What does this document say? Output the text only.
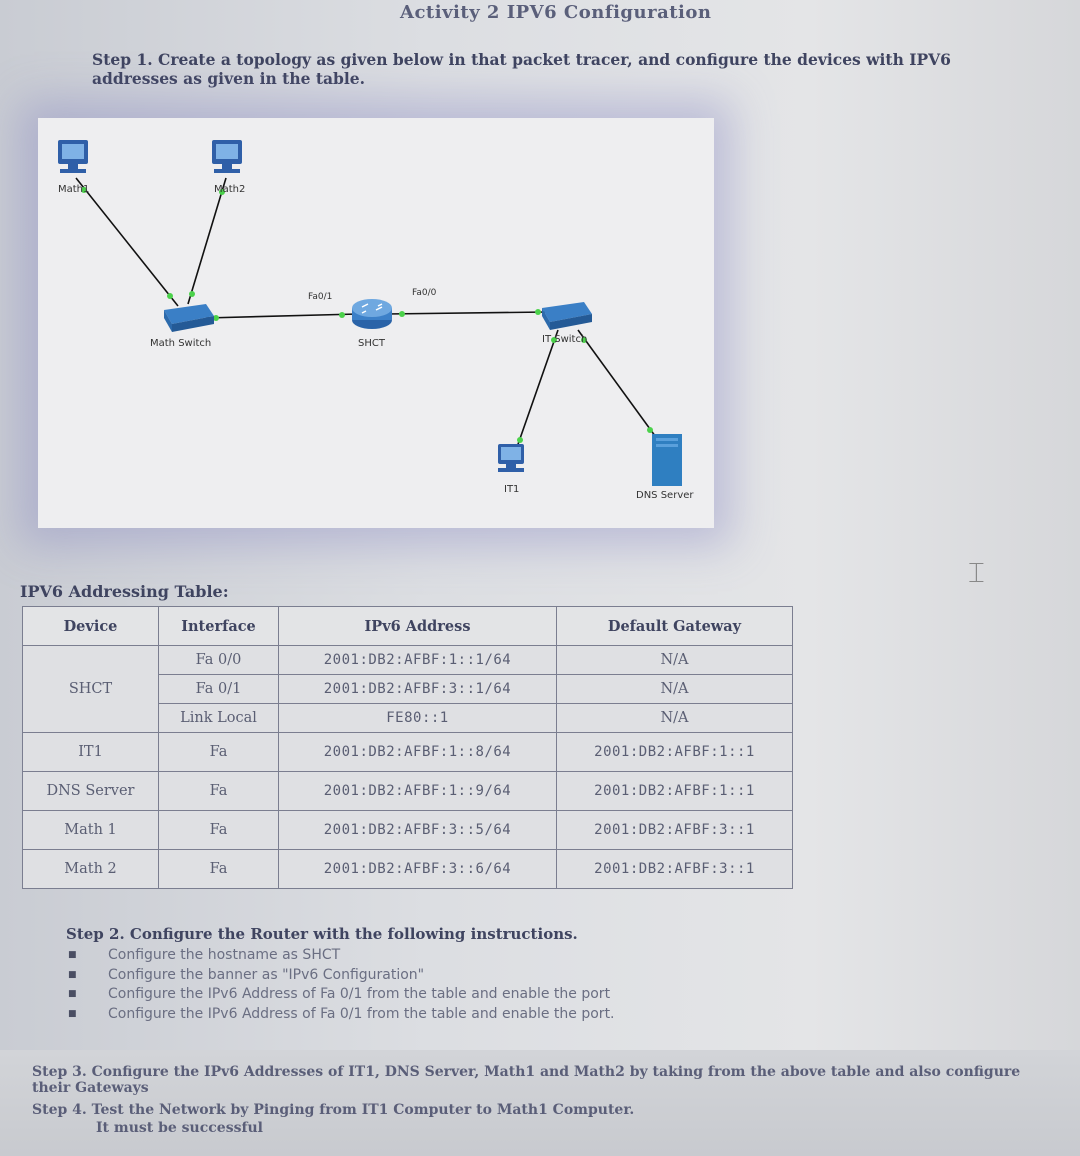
Activity 2 IPV6 Configuration
Step 1. Create a topology as given below in that packet tracer, and configure the devices with IPV6 addresses as given in the table.
Math1	Math2
Math Switch	SHCT	IT Switch
IT1
DNS Server
Fa0/1	Fa0/0
⌶
IPV6 Addressing Table:
Device	Interface	IPv6 Address	Default Gateway
SHCT	Fa 0/0	2001:DB2:AFBF:1::1/64	N/A
	Fa 0/1	2001:DB2:AFBF:3::1/64	N/A
	Link Local	FE80::1	N/A
IT1	Fa	2001:DB2:AFBF:1::8/64	2001:DB2:AFBF:1::1
DNS Server	Fa	2001:DB2:AFBF:1::9/64	2001:DB2:AFBF:1::1
Math 1	Fa	2001:DB2:AFBF:3::5/64	2001:DB2:AFBF:3::1
Math 2	Fa	2001:DB2:AFBF:3::6/64	2001:DB2:AFBF:3::1
Step 2. Configure the Router with the following instructions.
■ Configure the hostname as SHCT
■ Configure the banner as "IPv6 Configuration"
■ Configure the IPv6 Address of Fa 0/1 from the table and enable the port
■ Configure the IPv6 Address of Fa 0/1 from the table and enable the port.
Step 3. Configure the IPv6 Addresses of IT1, DNS Server, Math1 and Math2 by taking from the above table and also configure their Gateways
Step 4. Test the Network by Pinging from IT1 Computer to Math1 Computer.
It must be successful
